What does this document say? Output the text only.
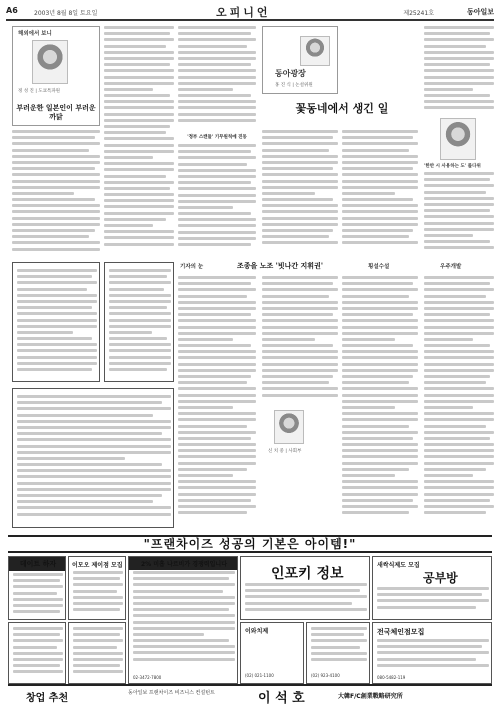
A6	2003년 8월 8일 토요일	오피니언	제25241호	동아일보
해외에서 보니
정 성 진 | 도쿄특파원
부러운한 일본인이 부러운 까닭
'정부 스캔들' 기무원칙에 진동
동아광장
홍 진 식 | 논설위원
꽃동네에서 생긴 일
'한반 시 사용하는 도' 를다위
기자의 눈	조종을 노조 '빗나간 지휘권'
신 치 중 | 사회부
횡설수설	우주개발
"프랜차이즈 성공의 기본은 아이템!"
데이트 하자	이모오 제이점 모집	2% 미흡 나르비가 경쟁력입니다
02-3472-7800
인포키 정보
새싹식제도 모집
공부방
이와치제
(02) 021-1100	(02) 923-4100
전국체인점모집
080-5482-119
창업 추천	동아일보 프랜차이즈 비즈니스 컨설턴트	이 석 호	大韓F/C創業戰略研究所
